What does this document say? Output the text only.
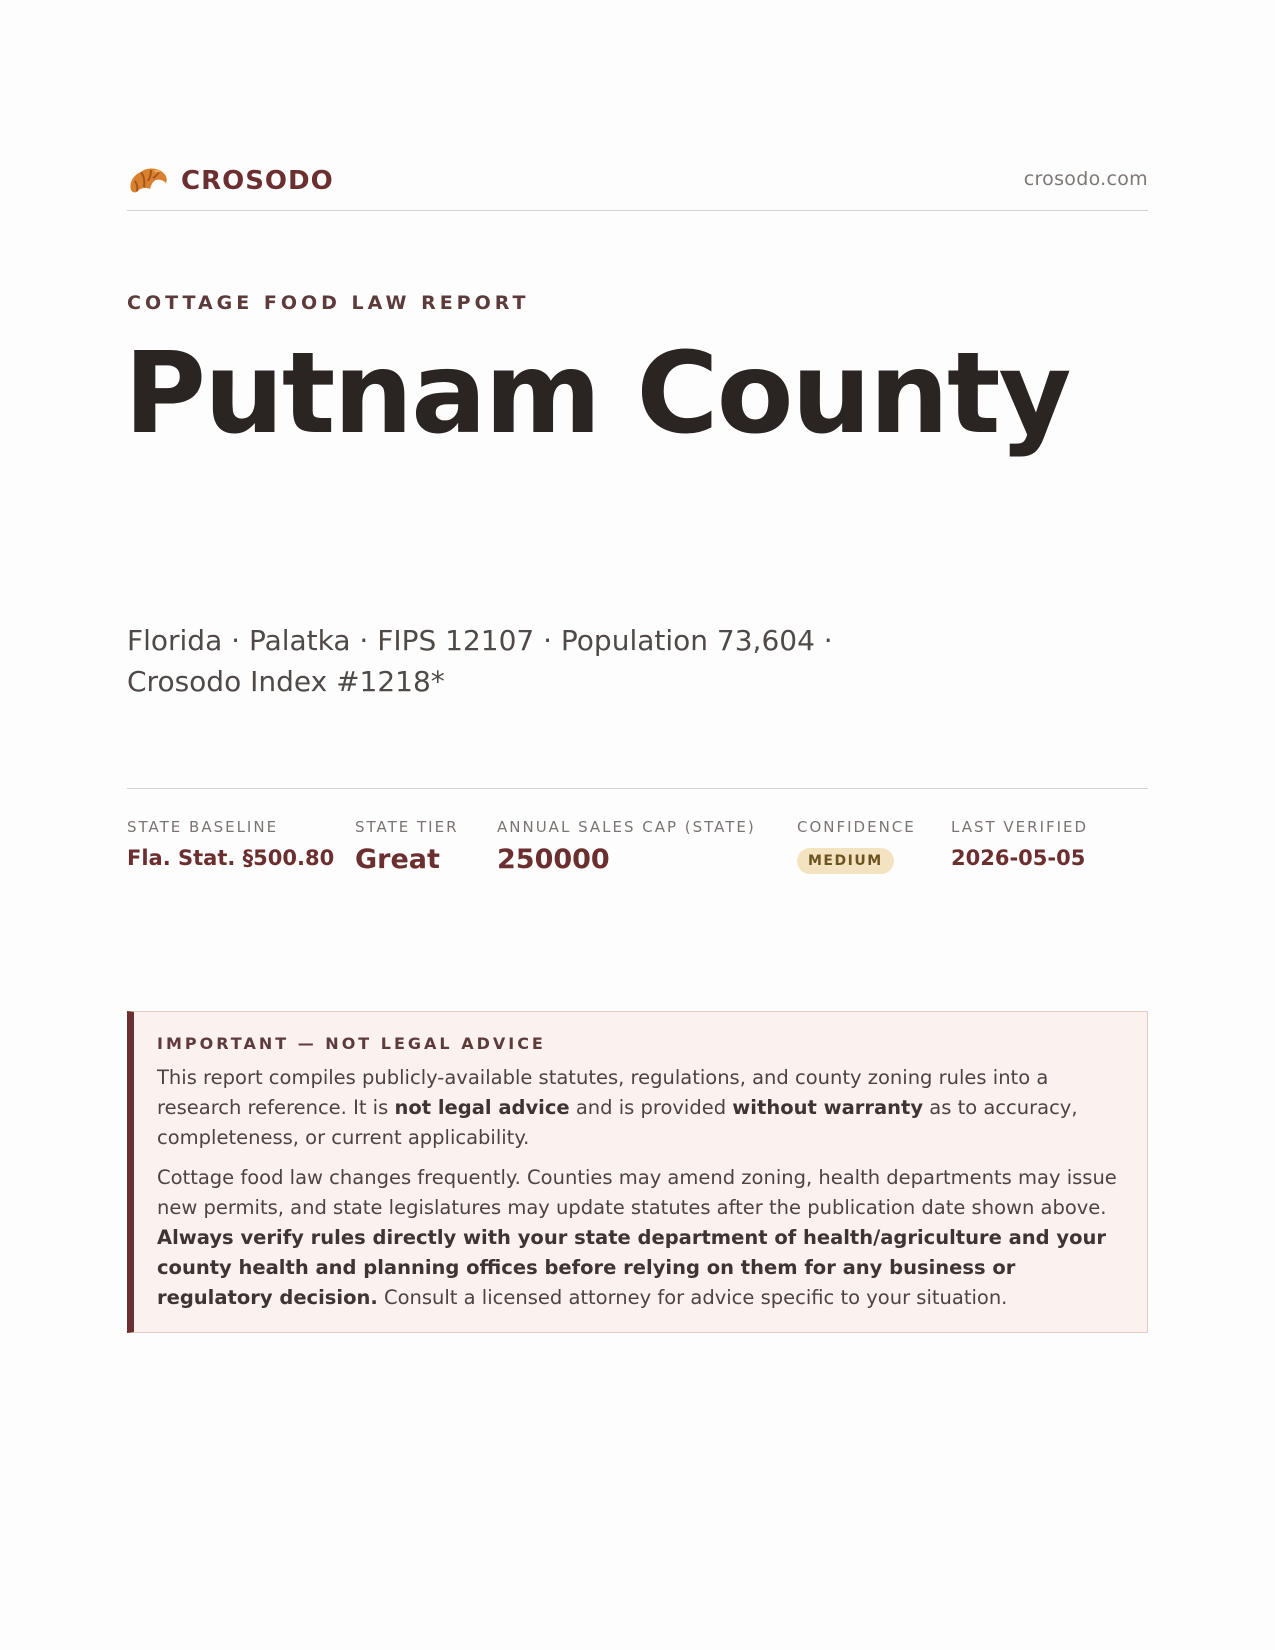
CROSODO	crosodo.com
COTTAGE FOOD LAW REPORT
Putnam County
Florida · Palatka · FIPS 12107 · Population 73,604 · Crosodo Index #1218*
STATE BASELINE
Fla. Stat. §500.80
STATE TIER
Great
ANNUAL SALES CAP (STATE)
250000
CONFIDENCE
MEDIUM
LAST VERIFIED
2026-05-05
IMPORTANT — NOT LEGAL ADVICE

This report compiles publicly-available statutes, regulations, and county zoning rules into a research reference. It is not legal advice and is provided without warranty as to accuracy, completeness, or current applicability.

Cottage food law changes frequently. Counties may amend zoning, health departments may issue new permits, and state legislatures may update statutes after the publication date shown above. Always verify rules directly with your state department of health/agriculture and your county health and planning offices before relying on them for any business or regulatory decision. Consult a licensed attorney for advice specific to your situation.
